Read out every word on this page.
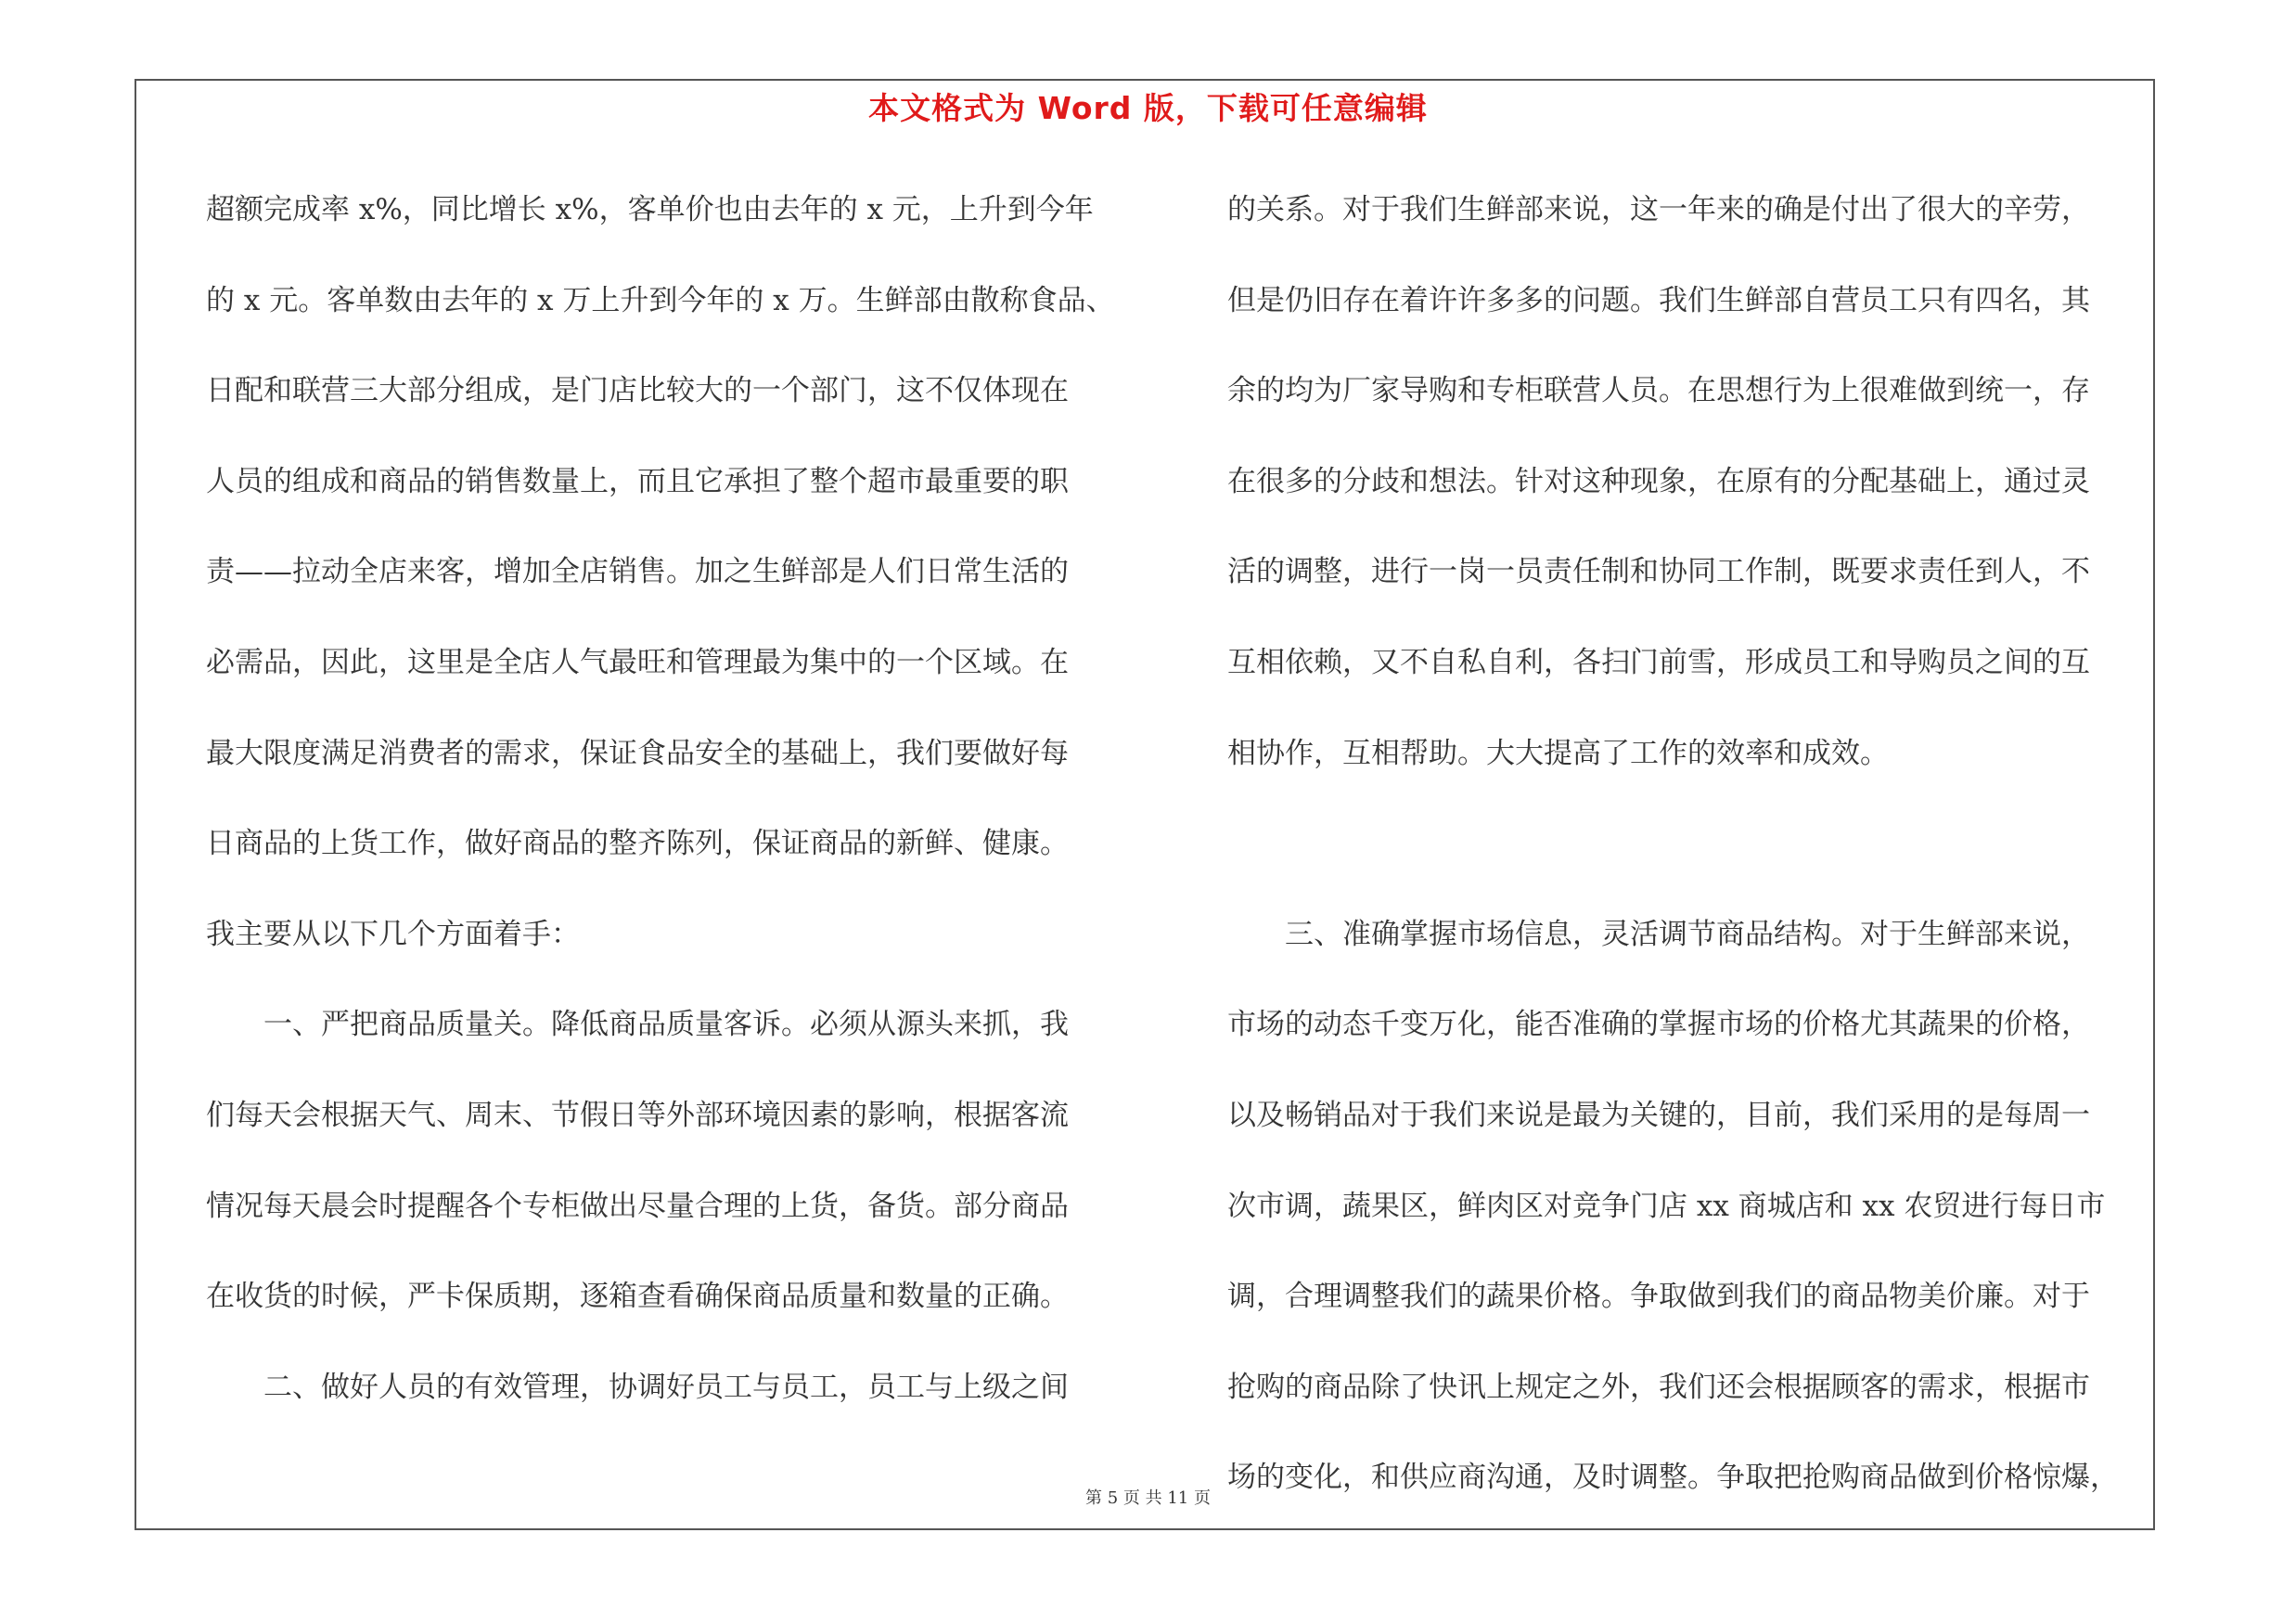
本文格式为 Word 版，下载可任意编辑
超额完成率 x%，同比增长 x%，客单价也由去年的 x 元，上升到今年
的 x 元。客单数由去年的 x 万上升到今年的 x 万。生鲜部由散称食品、
日配和联营三大部分组成，是门店比较大的一个部门，这不仅体现在
人员的组成和商品的销售数量上，而且它承担了整个超市最重要的职
责——拉动全店来客，增加全店销售。加之生鲜部是人们日常生活的
必需品，因此，这里是全店人气最旺和管理最为集中的一个区域。在
最大限度满足消费者的需求，保证食品安全的基础上，我们要做好每
日商品的上货工作，做好商品的整齐陈列，保证商品的新鲜、健康。
我主要从以下几个方面着手：
　　一、严把商品质量关。降低商品质量客诉。必须从源头来抓，我
们每天会根据天气、周末、节假日等外部环境因素的影响，根据客流
情况每天晨会时提醒各个专柜做出尽量合理的上货，备货。部分商品
在收货的时候，严卡保质期，逐箱查看确保商品质量和数量的正确。
　　二、做好人员的有效管理，协调好员工与员工，员工与上级之间
的关系。对于我们生鲜部来说，这一年来的确是付出了很大的辛劳，
但是仍旧存在着许许多多的问题。我们生鲜部自营员工只有四名，其
余的均为厂家导购和专柜联营人员。在思想行为上很难做到统一，存
在很多的分歧和想法。针对这种现象，在原有的分配基础上，通过灵
活的调整，进行一岗一员责任制和协同工作制，既要求责任到人，不
互相依赖，又不自私自利，各扫门前雪，形成员工和导购员之间的互
相协作，互相帮助。大大提高了工作的效率和成效。
　　三、准确掌握市场信息，灵活调节商品结构。对于生鲜部来说，
市场的动态千变万化，能否准确的掌握市场的价格尤其蔬果的价格，
以及畅销品对于我们来说是最为关键的，目前，我们采用的是每周一
次市调，蔬果区，鲜肉区对竞争门店 xx 商城店和 xx 农贸进行每日市
调，合理调整我们的蔬果价格。争取做到我们的商品物美价廉。对于
抢购的商品除了快讯上规定之外，我们还会根据顾客的需求，根据市
场的变化，和供应商沟通，及时调整。争取把抢购商品做到价格惊爆，
第 5 页 共 11 页
